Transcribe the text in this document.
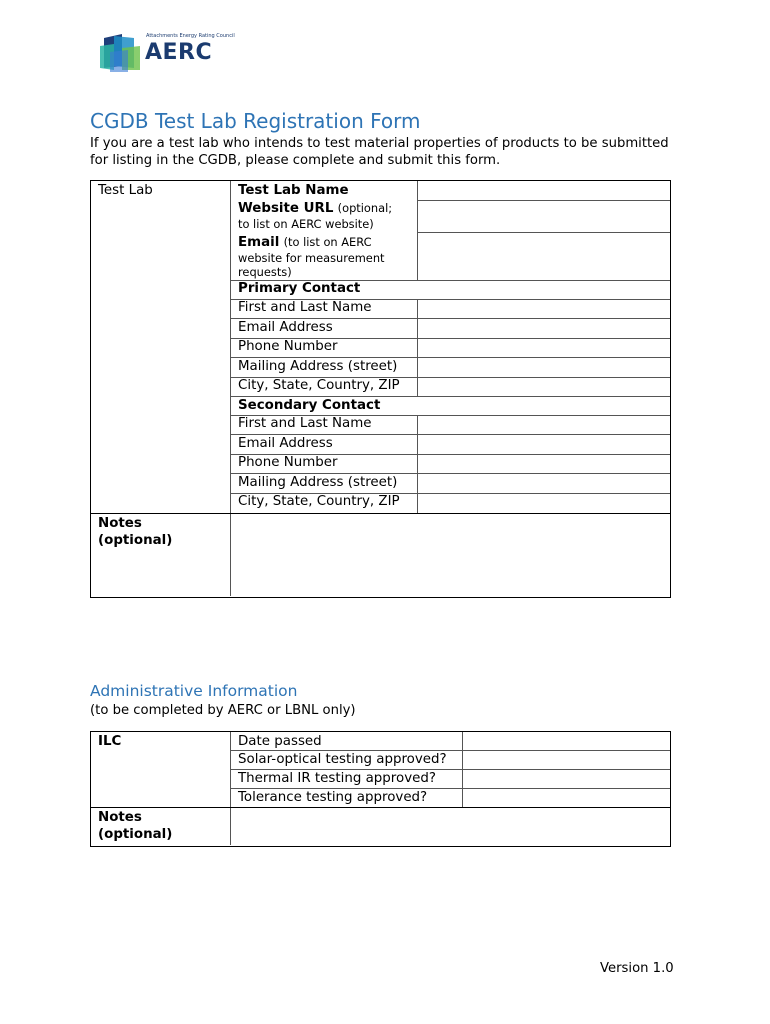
Attachments Energy Rating Council
AERC
CGDB Test Lab Registration Form
If you are a test lab who intends to test material properties of products to be submitted for listing in the CGDB, please complete and submit this form.
Test Lab	Test Lab Name
Website URL (optional;
to list on AERC website)
Email (to list on AERC
website for measurement
requests)
Primary Contact
First and Last Name
Email Address
Phone Number
Mailing Address (street)
City, State, Country, ZIP
Secondary Contact
First and Last Name
Email Address
Phone Number
Mailing Address (street)
City, State, Country, ZIP
Notes
(optional)
Administrative Information
(to be completed by AERC or LBNL only)
ILC	Date passed
Solar-optical testing approved?
Thermal IR testing approved?
Tolerance testing approved?
Notes
(optional)
Version 1.0
